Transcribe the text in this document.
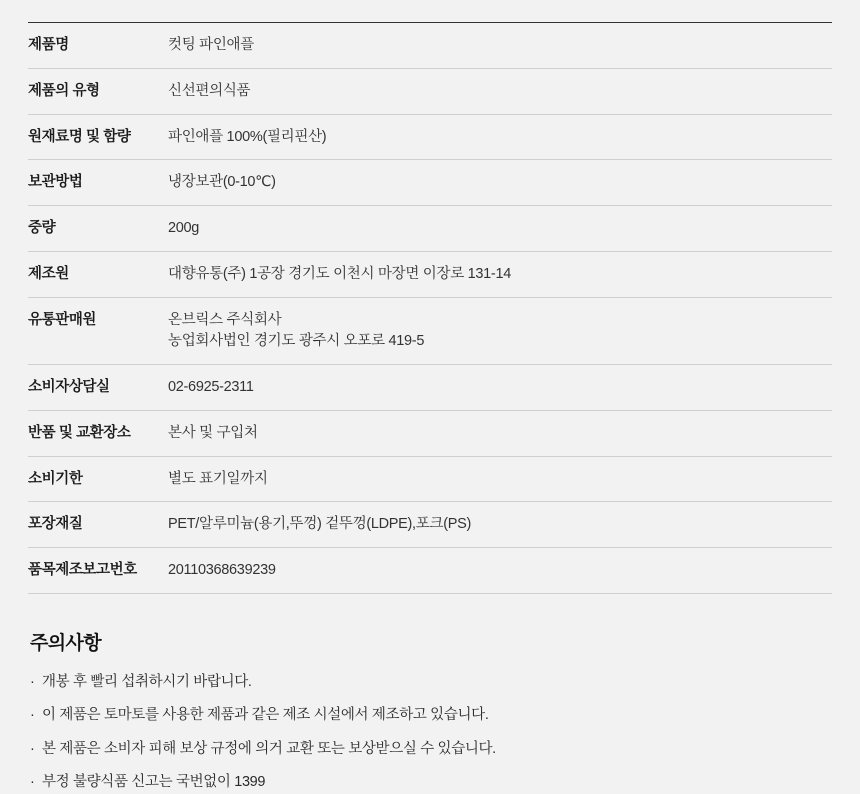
제품명	컷팅 파인애플

제품의 유형	신선편의식품

원재료명 및 함량	파인애플 100%(필리핀산)

보관방법	냉장보관(0-10℃)

중량	200g

제조원	대향유통(주) 1공장 경기도 이천시 마장면 이장로 131-14

유통판매원	온브릭스 주식회사
농업회사법인 경기도 광주시 오포로 419-5

소비자상담실	02-6925-2311

반품 및 교환장소	본사 및 구입처

소비기한	별도 표기일까지

포장재질	PET/알루미늄(용기,뚜껑) 겉뚜껑(LDPE),포크(PS)

품목제조보고번호	20110368639239
주의사항
· 개봉 후 빨리 섭취하시기 바랍니다.
· 이 제품은 토마토를 사용한 제품과 같은 제조 시설에서 제조하고 있습니다.
· 본 제품은 소비자 피해 보상 규정에 의거 교환 또는 보상받으실 수 있습니다.
· 부정 불량식품 신고는 국번없이 1399
